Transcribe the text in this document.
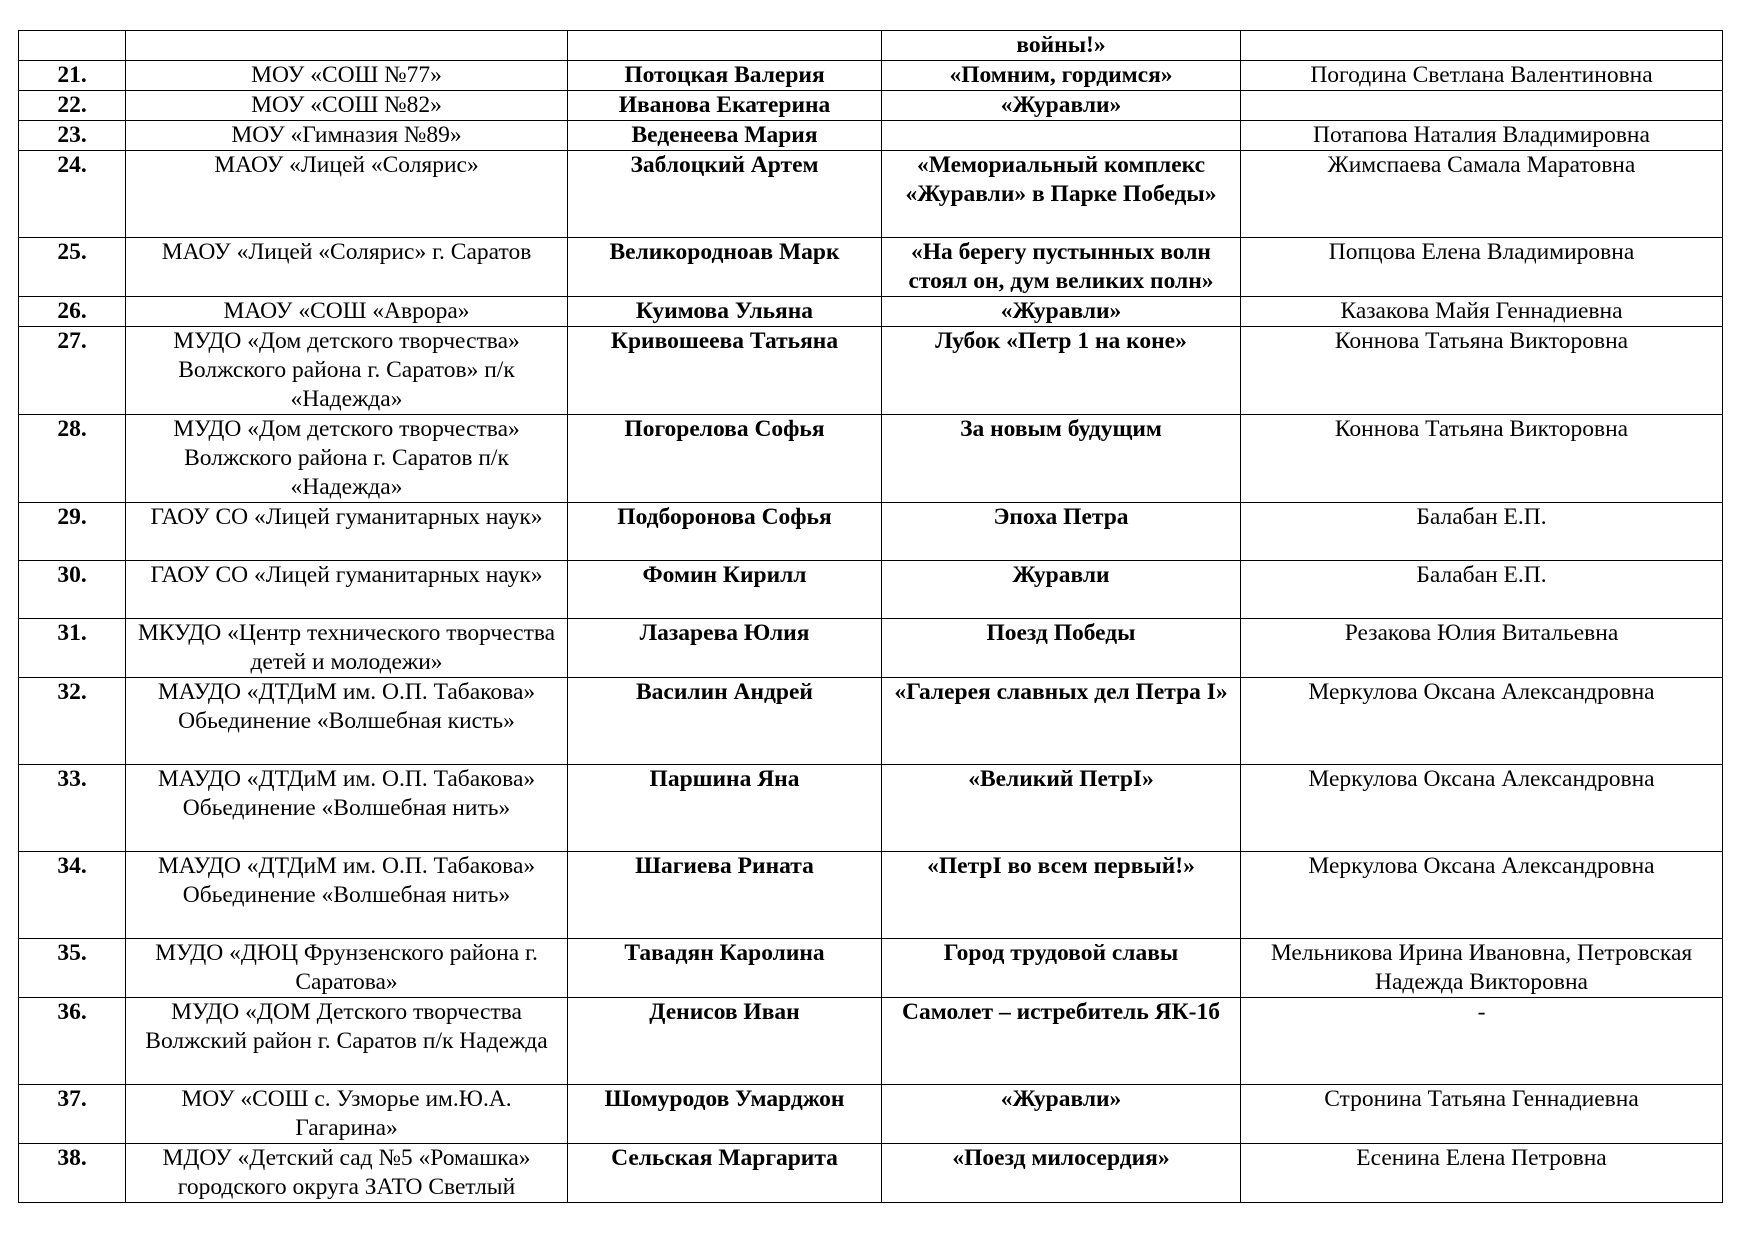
			войны!»	
21.	МОУ «СОШ №77»	Потоцкая Валерия	«Помним, гордимся»	Погодина Светлана Валентиновна
22.	МОУ «СОШ №82»	Иванова Екатерина	«Журавли»	
23.	МОУ «Гимназия №89»	Веденеева Мария		Потапова Наталия Владимировна
24.	МАОУ «Лицей «Солярис»	Заблоцкий Артем	«Мемориальный комплекс «Журавли» в Парке Победы»	Жимспаева Самала Маратовна
25.	МАОУ «Лицей «Солярис» г. Саратов	Великородноав Марк	«На берегу пустынных волн стоял он, дум великих полн»	Попцова Елена Владимировна
26.	МАОУ «СОШ «Аврора»	Куимова Ульяна	«Журавли»	Казакова Майя Геннадиевна
27.	МУДО «Дом детского творчества» Волжского района г. Саратов» п/к «Надежда»	Кривошеева Татьяна	Лубок «Петр 1 на коне»	Коннова Татьяна Викторовна
28.	МУДО «Дом детского творчества» Волжского района г. Саратов п/к «Надежда»	Погорелова Софья	За новым будущим	Коннова Татьяна Викторовна
29.	ГАОУ СО «Лицей гуманитарных наук»	Подборонова Софья	Эпоха Петра	Балабан Е.П.
30.	ГАОУ СО «Лицей гуманитарных наук»	Фомин Кирилл	Журавли	Балабан Е.П.
31.	МКУДО «Центр технического творчества детей и молодежи»	Лазарева Юлия	Поезд Победы	Резакова Юлия Витальевна
32.	МАУДО «ДТДиМ им. О.П. Табакова» Обьединение «Волшебная кисть»	Василин Андрей	«Галерея славных дел Петра I»	Меркулова Оксана Александровна
33.	МАУДО «ДТДиМ им. О.П. Табакова» Обьединение «Волшебная нить»	Паршина Яна	«Великий ПетрI»	Меркулова Оксана Александровна
34.	МАУДО «ДТДиМ им. О.П. Табакова» Обьединение «Волшебная нить»	Шагиева Рината	«ПетрI во всем первый!»	Меркулова Оксана Александровна
35.	МУДО «ДЮЦ Фрунзенского района г. Саратова»	Тавадян Каролина	Город трудовой славы	Мельникова Ирина Ивановна, Петровская Надежда Викторовна
36.	МУДО «ДОМ Детского творчества Волжский район г. Саратов п/к Надежда	Денисов Иван	Самолет – истребитель ЯК-1б	-
37.	МОУ «СОШ с. Узморье им.Ю.А. Гагарина»	Шомуродов Умарджон	«Журавли»	Стронина Татьяна Геннадиевна
38.	МДОУ «Детский сад №5 «Ромашка» городского округа ЗАТО Светлый	Сельская Маргарита	«Поезд милосердия»	Есенина Елена Петровна
